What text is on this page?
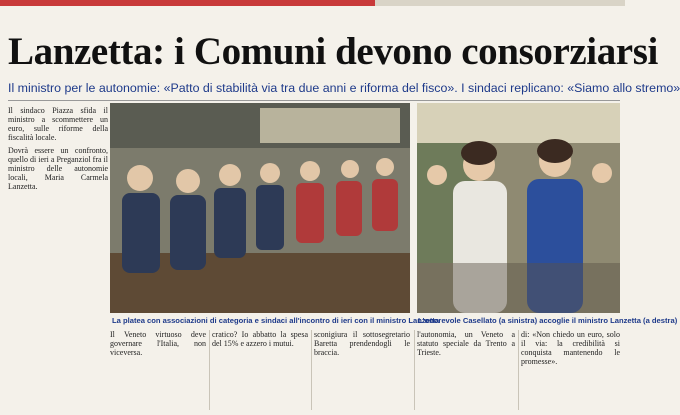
Lanzetta: i Comuni devono consorziarsi
Il ministro per le autonomie: «Patto di stabilità via tra due anni e riforma del fisco». I sindaci replicano: «Siamo allo stremo»

Il sindaco Piazza sfida il ministro a scommettere un euro, sulle riforme della fiscalità locale.

Dovrà essere un confronto, quello di ieri a Preganziol fra il ministro delle autonomie locali, Maria Carmela Lanzetta.

La platea con associazioni di categoria e sindaci all'incontro di ieri con il ministro Lanzetta
L'onorevole Casellato (a sinistra) accoglie il ministro Lanzetta (a destra)

Il Veneto virtuoso deve governare l'Italia, non viceversa.

cratico? Io abbatto la spesa del 15% e azzero i mutui.

sconigiura il sottosegretario Baretta prendendogli le braccia.

l'autonomia, un Veneto a statuto speciale da Trento a Trieste.

di: «Non chiedo un euro, solo il via: la credibilità si conquista mantenendo le promesse».
